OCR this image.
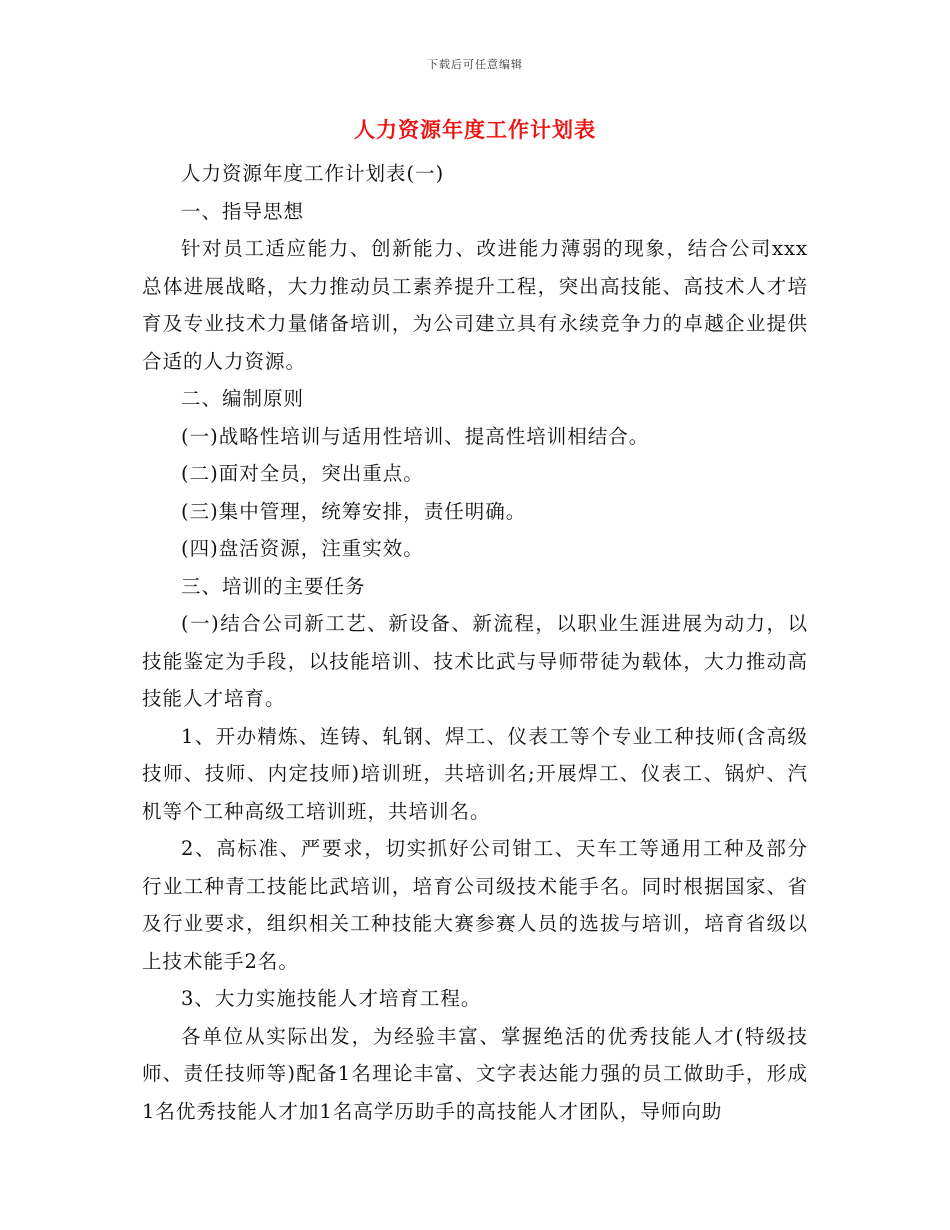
下载后可任意编辑
人力资源年度工作计划表

人力资源年度工作计划表(一)

一、指导思想

针对员工适应能力、创新能力、改进能力薄弱的现象，结合公司xxx总体进展战略，大力推动员工素养提升工程，突出高技能、高技术人才培育及专业技术力量储备培训，为公司建立具有永续竞争力的卓越企业提供合适的人力资源。

二、编制原则

(一)战略性培训与适用性培训、提高性培训相结合。

(二)面对全员，突出重点。

(三)集中管理，统筹安排，责任明确。

(四)盘活资源，注重实效。

三、培训的主要任务

(一)结合公司新工艺、新设备、新流程，以职业生涯进展为动力，以技能鉴定为手段，以技能培训、技术比武与导师带徒为载体，大力推动高技能人才培育。

1、开办精炼、连铸、轧钢、焊工、仪表工等个专业工种技师(含高级技师、技师、内定技师)培训班，共培训名;开展焊工、仪表工、锅炉、汽机等个工种高级工培训班，共培训名。

2、高标准、严要求，切实抓好公司钳工、天车工等通用工种及部分行业工种青工技能比武培训，培育公司级技术能手名。同时根据国家、省及行业要求，组织相关工种技能大赛参赛人员的选拔与培训，培育省级以上技术能手2名。

3、大力实施技能人才培育工程。

各单位从实际出发，为经验丰富、掌握绝活的优秀技能人才(特级技师、责任技师等)配备1名理论丰富、文字表达能力强的员工做助手，形成1名优秀技能人才加1名高学历助手的高技能人才团队，导师向助
